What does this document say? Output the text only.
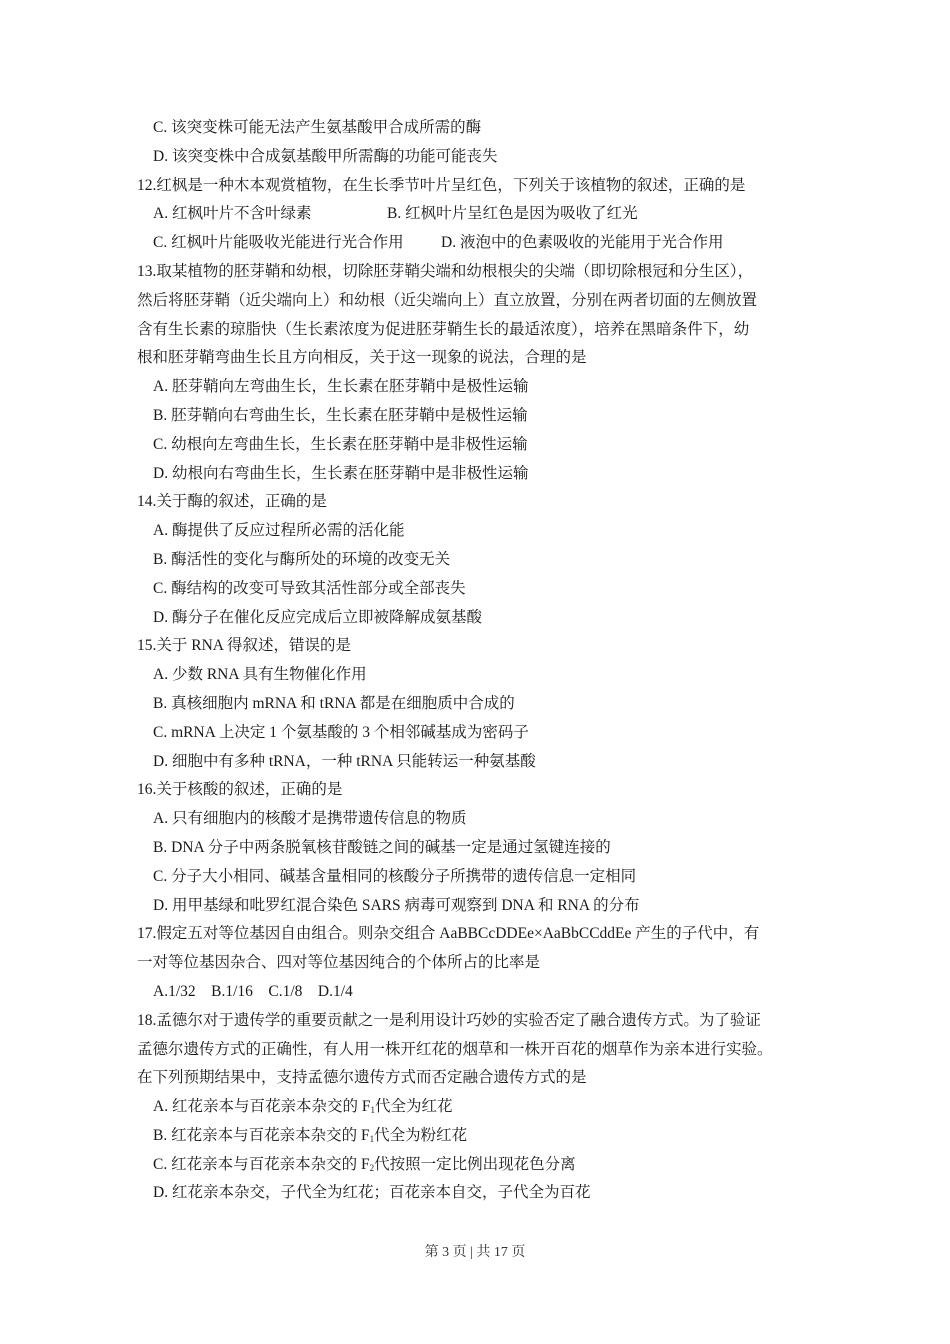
C. 该突变株可能无法产生氨基酸甲合成所需的酶
D. 该突变株中合成氨基酸甲所需酶的功能可能丧失
12.红枫是一种木本观赏植物，在生长季节叶片呈红色，下列关于该植物的叙述，正确的是
A. 红枫叶片不含叶绿素	B. 红枫叶片呈红色是因为吸收了红光
C. 红枫叶片能吸收光能进行光合作用	D. 液泡中的色素吸收的光能用于光合作用
13.取某植物的胚芽鞘和幼根，切除胚芽鞘尖端和幼根根尖的尖端（即切除根冠和分生区），
然后将胚芽鞘（近尖端向上）和幼根（近尖端向上）直立放置，分别在两者切面的左侧放置
含有生长素的琼脂快（生长素浓度为促进胚芽鞘生长的最适浓度），培养在黑暗条件下，幼
根和胚芽鞘弯曲生长且方向相反，关于这一现象的说法，合理的是
A. 胚芽鞘向左弯曲生长，生长素在胚芽鞘中是极性运输
B. 胚芽鞘向右弯曲生长，生长素在胚芽鞘中是极性运输
C. 幼根向左弯曲生长，生长素在胚芽鞘中是非极性运输
D. 幼根向右弯曲生长，生长素在胚芽鞘中是非极性运输
14.关于酶的叙述，正确的是
A. 酶提供了反应过程所必需的活化能
B. 酶活性的变化与酶所处的环境的改变无关
C. 酶结构的改变可导致其活性部分或全部丧失
D. 酶分子在催化反应完成后立即被降解成氨基酸
15.关于 RNA 得叙述，错误的是
A. 少数 RNA 具有生物催化作用
B. 真核细胞内 mRNA 和 tRNA 都是在细胞质中合成的
C. mRNA 上决定 1 个氨基酸的 3 个相邻碱基成为密码子
D. 细胞中有多种 tRNA，一种 tRNA 只能转运一种氨基酸
16.关于核酸的叙述，正确的是
A. 只有细胞内的核酸才是携带遗传信息的物质
B. DNA 分子中两条脱氧核苷酸链之间的碱基一定是通过氢键连接的
C. 分子大小相同、碱基含量相同的核酸分子所携带的遗传信息一定相同
D. 用甲基绿和吡罗红混合染色 SARS 病毒可观察到 DNA 和 RNA 的分布
17.假定五对等位基因自由组合。则杂交组合 AaBBCcDDEe×AaBbCCddEe 产生的子代中，有
一对等位基因杂合、四对等位基因纯合的个体所占的比率是
A.1/32    B.1/16    C.1/8    D.1/4
18.孟德尔对于遗传学的重要贡献之一是利用设计巧妙的实验否定了融合遗传方式。为了验证
孟德尔遗传方式的正确性，有人用一株开红花的烟草和一株开百花的烟草作为亲本进行实验。
在下列预期结果中，支持孟德尔遗传方式而否定融合遗传方式的是
A. 红花亲本与百花亲本杂交的 $F_1$代全为红花
B. 红花亲本与百花亲本杂交的 $F_1$代全为粉红花
C. 红花亲本与百花亲本杂交的 $F_2$代按照一定比例出现花色分离
D. 红花亲本杂交，子代全为红花；百花亲本自交，子代全为百花
第 3 页 | 共 17 页
